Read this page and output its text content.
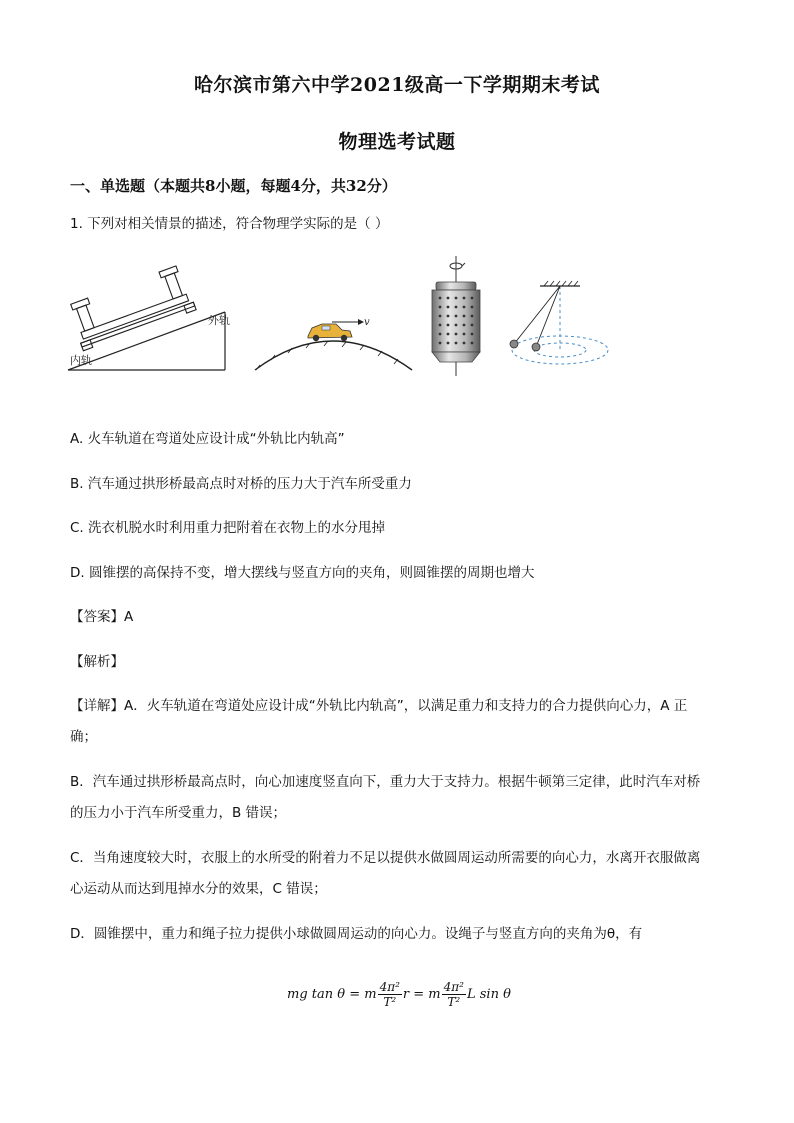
哈尔滨市第六中学2021级高一下学期期末考试
物理选考试题
一、单选题（本题共8小题，每题4分，共32分）
1. 下列对相关情景的描述，符合物理学实际的是（ ）
外轨
内轨
v
A. 火车轨道在弯道处应设计成“外轨比内轨高”
B. 汽车通过拱形桥最高点时对桥的压力大于汽车所受重力
C. 洗衣机脱水时利用重力把附着在衣物上的水分甩掉
D. 圆锥摆的高保持不变，增大摆线与竖直方向的夹角，则圆锥摆的周期也增大
【答案】A
【解析】
【详解】A．火车轨道在弯道处应设计成“外轨比内轨高”，以满足重力和支持力的合力提供向心力，A 正
确；
B．汽车通过拱形桥最高点时，向心加速度竖直向下，重力大于支持力。根据牛顿第三定律，此时汽车对桥
的压力小于汽车所受重力，B 错误；
C．当角速度较大时，衣服上的水所受的附着力不足以提供水做圆周运动所需要的向心力，水离开衣服做离
心运动从而达到甩掉水分的效果，C 错误；
D．圆锥摆中，重力和绳子拉力提供小球做圆周运动的向心力。设绳子与竖直方向的夹角为θ，有
mg tan θ = m $\frac{\text{4π²}}{\text{T²}}$ r = m $\frac{\text{4π²}}{\text{T²}}$ L sin θ
